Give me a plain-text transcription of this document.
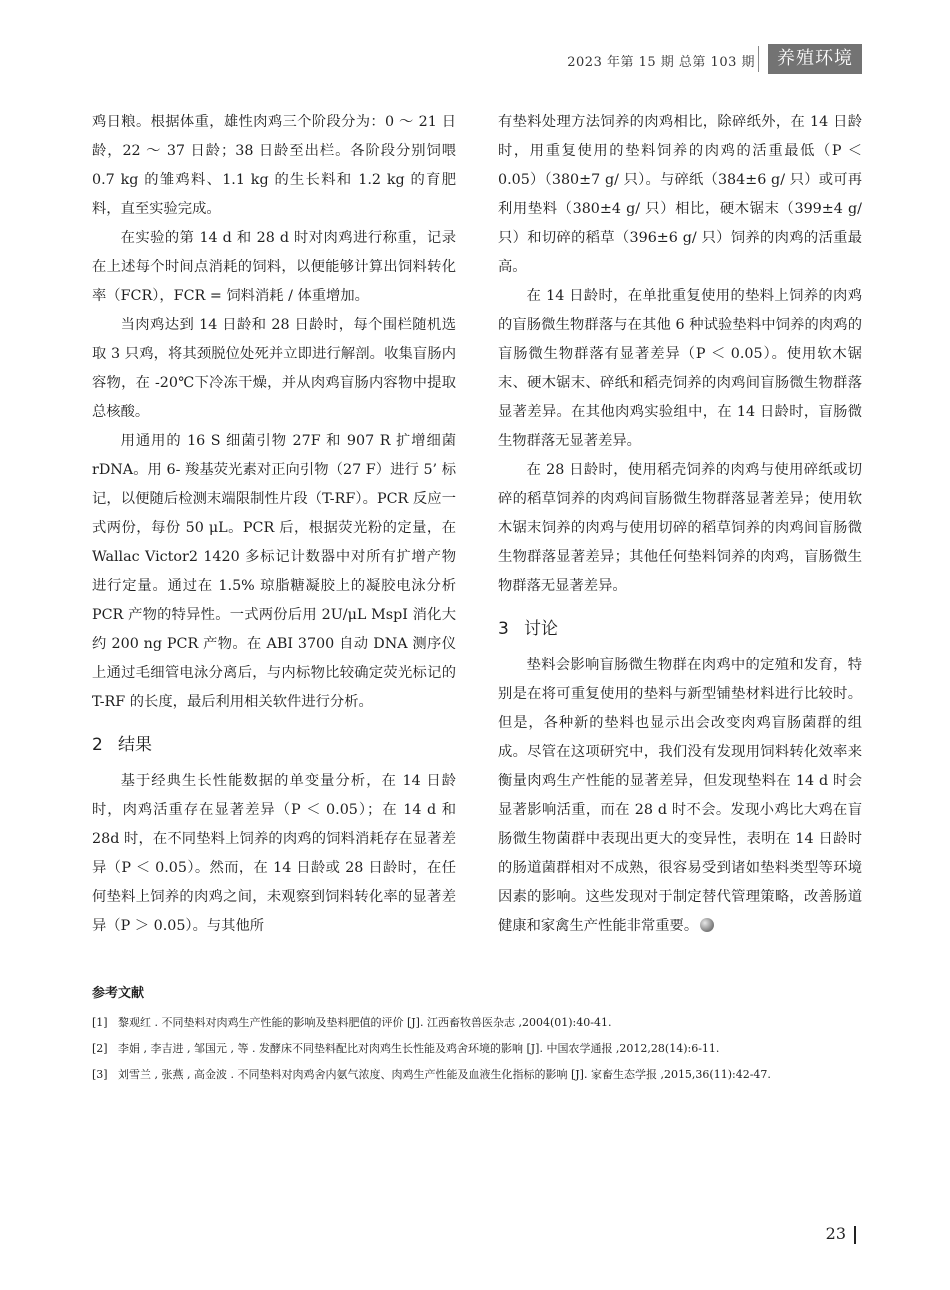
2023 年第 15 期 总第 103 期	养殖环境

鸡日粮。根据体重，雄性肉鸡三个阶段分为：0 ～ 21 日龄，22 ～ 37 日龄；38 日龄至出栏。各阶段分别饲喂 0.7 kg 的雏鸡料、1.1 kg 的生长料和 1.2 kg 的育肥料，直至实验完成。

在实验的第 14 d 和 28 d 时对肉鸡进行称重，记录在上述每个时间点消耗的饲料，以便能够计算出饲料转化率（FCR），FCR = 饲料消耗 / 体重增加。

当肉鸡达到 14 日龄和 28 日龄时，每个围栏随机选取 3 只鸡，将其颈脱位处死并立即进行解剖。收集盲肠内容物，在 -20℃下冷冻干燥，并从肉鸡盲肠内容物中提取总核酸。

用通用的 16 S 细菌引物 27F 和 907 R 扩增细菌 rDNA。用 6- 羧基荧光素对正向引物（27 F）进行 5’ 标记，以便随后检测末端限制性片段（T-RF）。PCR 反应一式两份，每份 50 μL。PCR 后，根据荧光粉的定量，在 Wallac Victor2 1420 多标记计数器中对所有扩增产物进行定量。通过在 1.5% 琼脂糖凝胶上的凝胶电泳分析 PCR 产物的特异性。一式两份后用 2U/μL MspI 消化大约 200 ng PCR 产物。在 ABI 3700 自动 DNA 测序仪上通过毛细管电泳分离后，与内标物比较确定荧光标记的 T-RF 的长度，最后利用相关软件进行分析。

2 结果

基于经典生长性能数据的单变量分析，在 14 日龄时，肉鸡活重存在显著差异（P ＜ 0.05）；在 14 d 和 28d 时，在不同垫料上饲养的肉鸡的饲料消耗存在显著差异（P ＜ 0.05）。然而，在 14 日龄或 28 日龄时，在任何垫料上饲养的肉鸡之间，未观察到饲料转化率的显著差异（P ＞ 0.05）。与其他所

有垫料处理方法饲养的肉鸡相比，除碎纸外，在 14 日龄时，用重复使用的垫料饲养的肉鸡的活重最低（P ＜ 0.05）（380±7 g/ 只）。与碎纸（384±6 g/ 只）或可再利用垫料（380±4 g/ 只）相比，硬木锯末（399±4 g/ 只）和切碎的稻草（396±6 g/ 只）饲养的肉鸡的活重最高。

在 14 日龄时，在单批重复使用的垫料上饲养的肉鸡的盲肠微生物群落与在其他 6 种试验垫料中饲养的肉鸡的盲肠微生物群落有显著差异（P ＜ 0.05）。使用软木锯末、硬木锯末、碎纸和稻壳饲养的肉鸡间盲肠微生物群落显著差异。在其他肉鸡实验组中，在 14 日龄时，盲肠微生物群落无显著差异。

在 28 日龄时，使用稻壳饲养的肉鸡与使用碎纸或切碎的稻草饲养的肉鸡间盲肠微生物群落显著差异；使用软木锯末饲养的肉鸡与使用切碎的稻草饲养的肉鸡间盲肠微生物群落显著差异；其他任何垫料饲养的肉鸡，盲肠微生物群落无显著差异。

3 讨论

垫料会影响盲肠微生物群在肉鸡中的定殖和发育，特别是在将可重复使用的垫料与新型铺垫材料进行比较时。但是，各种新的垫料也显示出会改变肉鸡盲肠菌群的组成。尽管在这项研究中，我们没有发现用饲料转化效率来衡量肉鸡生产性能的显著差异，但发现垫料在 14 d 时会显著影响活重，而在 28 d 时不会。发现小鸡比大鸡在盲肠微生物菌群中表现出更大的变异性，表明在 14 日龄时的肠道菌群相对不成熟，很容易受到诸如垫料类型等环境因素的影响。这些发现对于制定替代管理策略，改善肠道健康和家禽生产性能非常重要。

参考文献
[1] 黎观红 . 不同垫料对肉鸡生产性能的影响及垫料肥值的评价 [J]. 江西畜牧兽医杂志 ,2004(01):40-41.
[2] 李娟 , 李吉进 , 邹国元 , 等 . 发酵床不同垫料配比对肉鸡生长性能及鸡舍环境的影响 [J]. 中国农学通报 ,2012,28(14):6-11.
[3] 刘雪兰 , 张燕 , 高金波 . 不同垫料对肉鸡舍内氨气浓度、肉鸡生产性能及血液生化指标的影响 [J]. 家畜生态学报 ,2015,36(11):42-47.
23
